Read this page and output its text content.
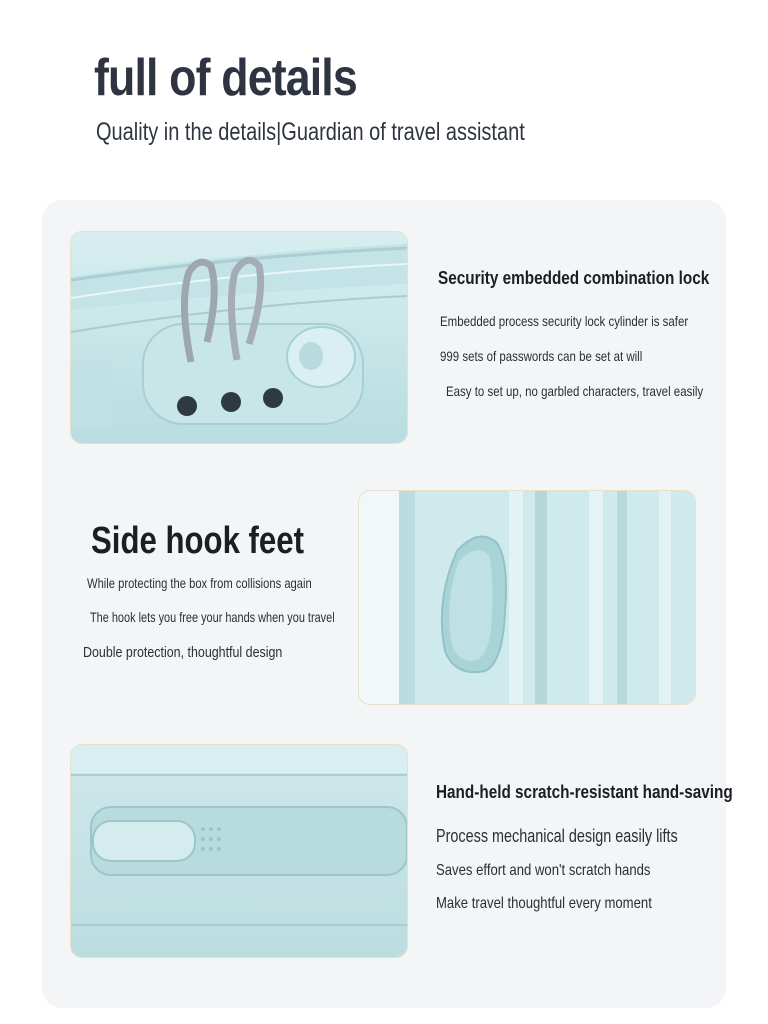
full of details
Quality in the details|Guardian of travel assistant
Security embedded combination lock
Embedded process security lock cylinder is safer
999 sets of passwords can be set at will
Easy to set up, no garbled characters, travel easily
Side hook feet
While protecting the box from collisions again
The hook lets you free your hands when you travel
Double protection, thoughtful design
Hand-held scratch-resistant hand-saving
Process mechanical design easily lifts
Saves effort and won't scratch hands
Make travel thoughtful every moment
